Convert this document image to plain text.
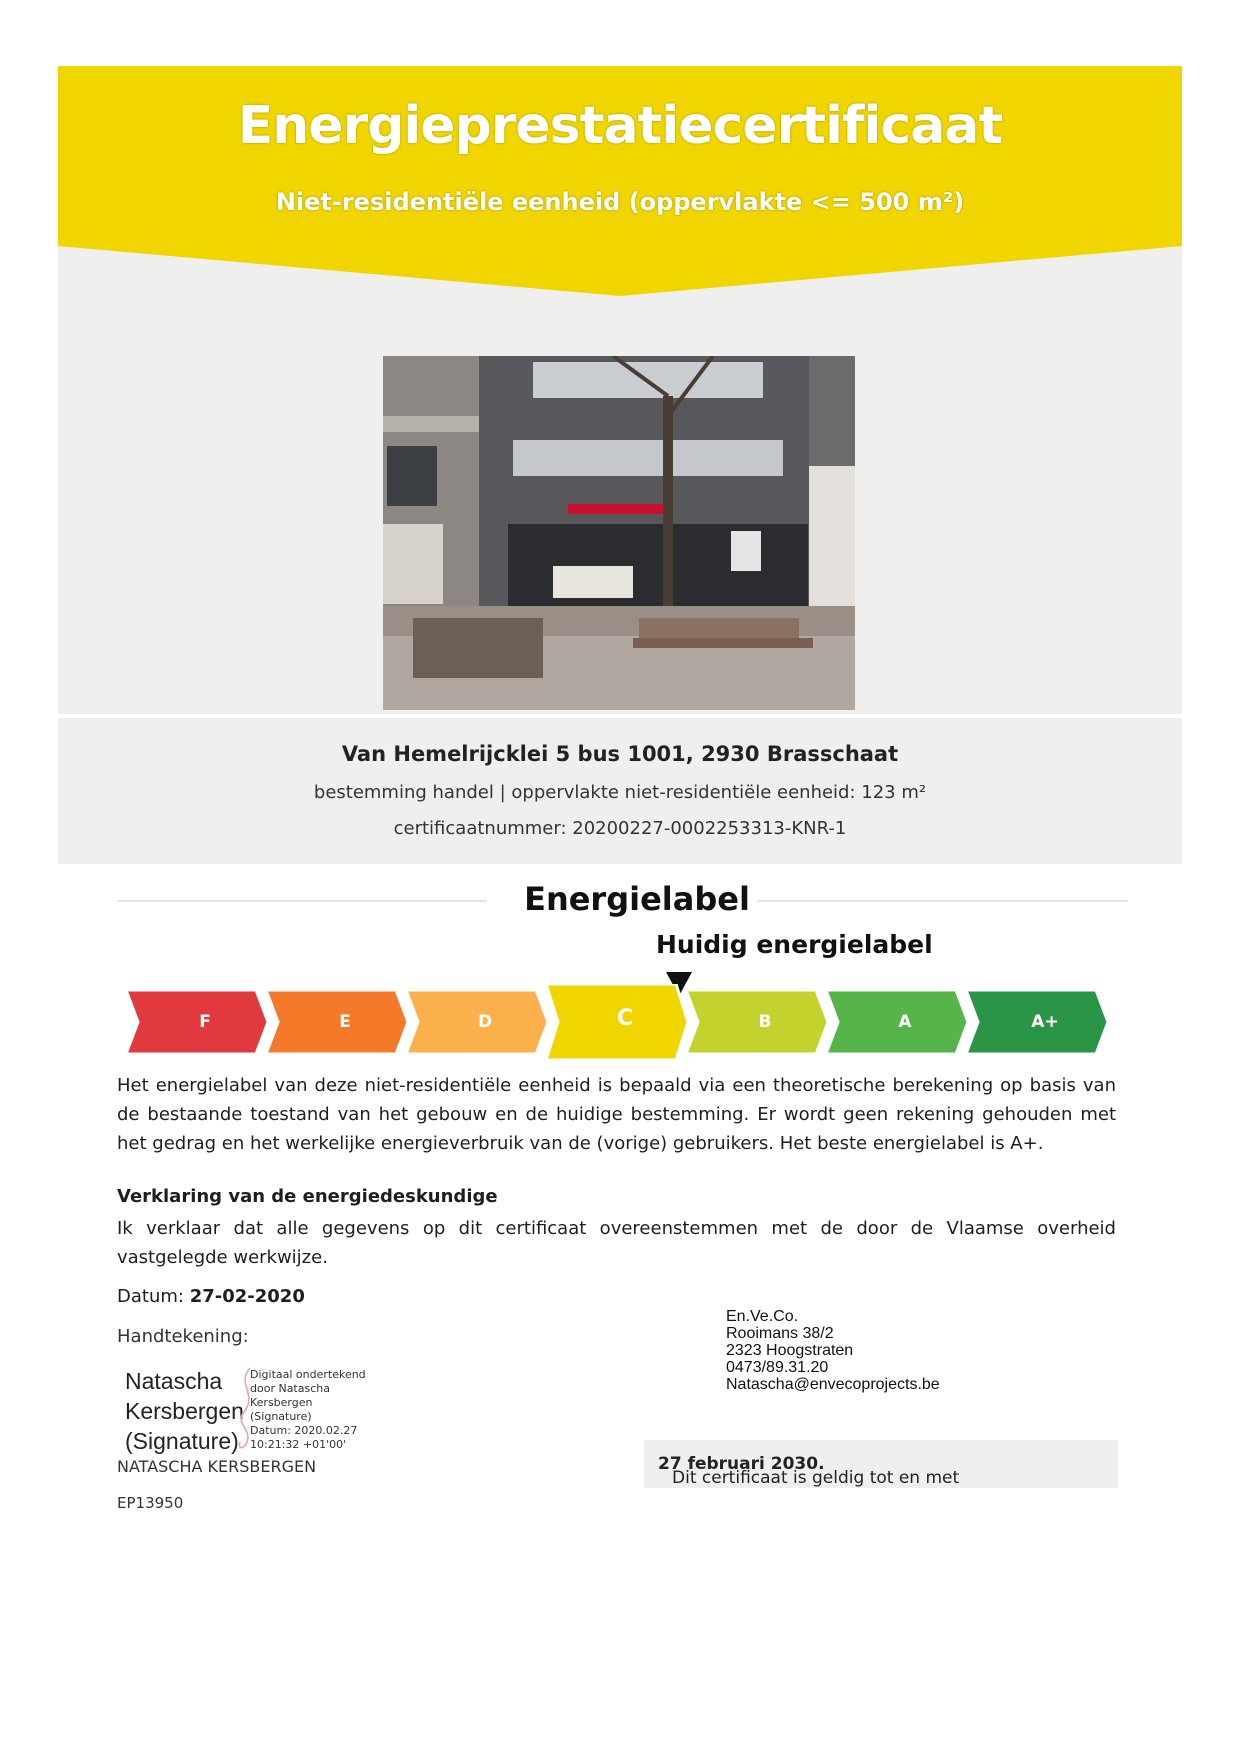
Energieprestatiecertificaat
Niet-residentiële eenheid (oppervlakte <= 500 m²)
Van Hemelrijcklei 5 bus 1001, 2930 Brasschaat
bestemming handel | oppervlakte niet-residentiële eenheid: 123 m²
certificaatnummer: 20200227-0002253313-KNR-1
Energielabel
Huidig energielabel
F	E	D	C	B	A	A+
Het energielabel van deze niet-residentiële eenheid is bepaald via een theoretische berekening op basis van de bestaande toestand van het gebouw en de huidige bestemming. Er wordt geen rekening gehouden met het gedrag en het werkelijke energieverbruik van de (vorige) gebruikers. Het beste energielabel is A+.
Verklaring van de energiedeskundige
Ik verklaar dat alle gegevens op dit certificaat overeenstemmen met de door de Vlaamse overheid vastgelegde werkwijze.
Datum: 27-02-2020
Handtekening:
Natascha
Kersbergen
(Signature)
Digitaal ondertekend
door Natascha
Kersbergen
(Signature)
Datum: 2020.02.27
10:21:32 +01'00'
NATASCHA KERSBERGEN
EP13950
En.Ve.Co.
Rooimans 38/2
2323 Hoogstraten
0473/89.31.20
Natascha@envecoprojects.be
Dit certificaat is geldig tot en met
27 februari 2030.
